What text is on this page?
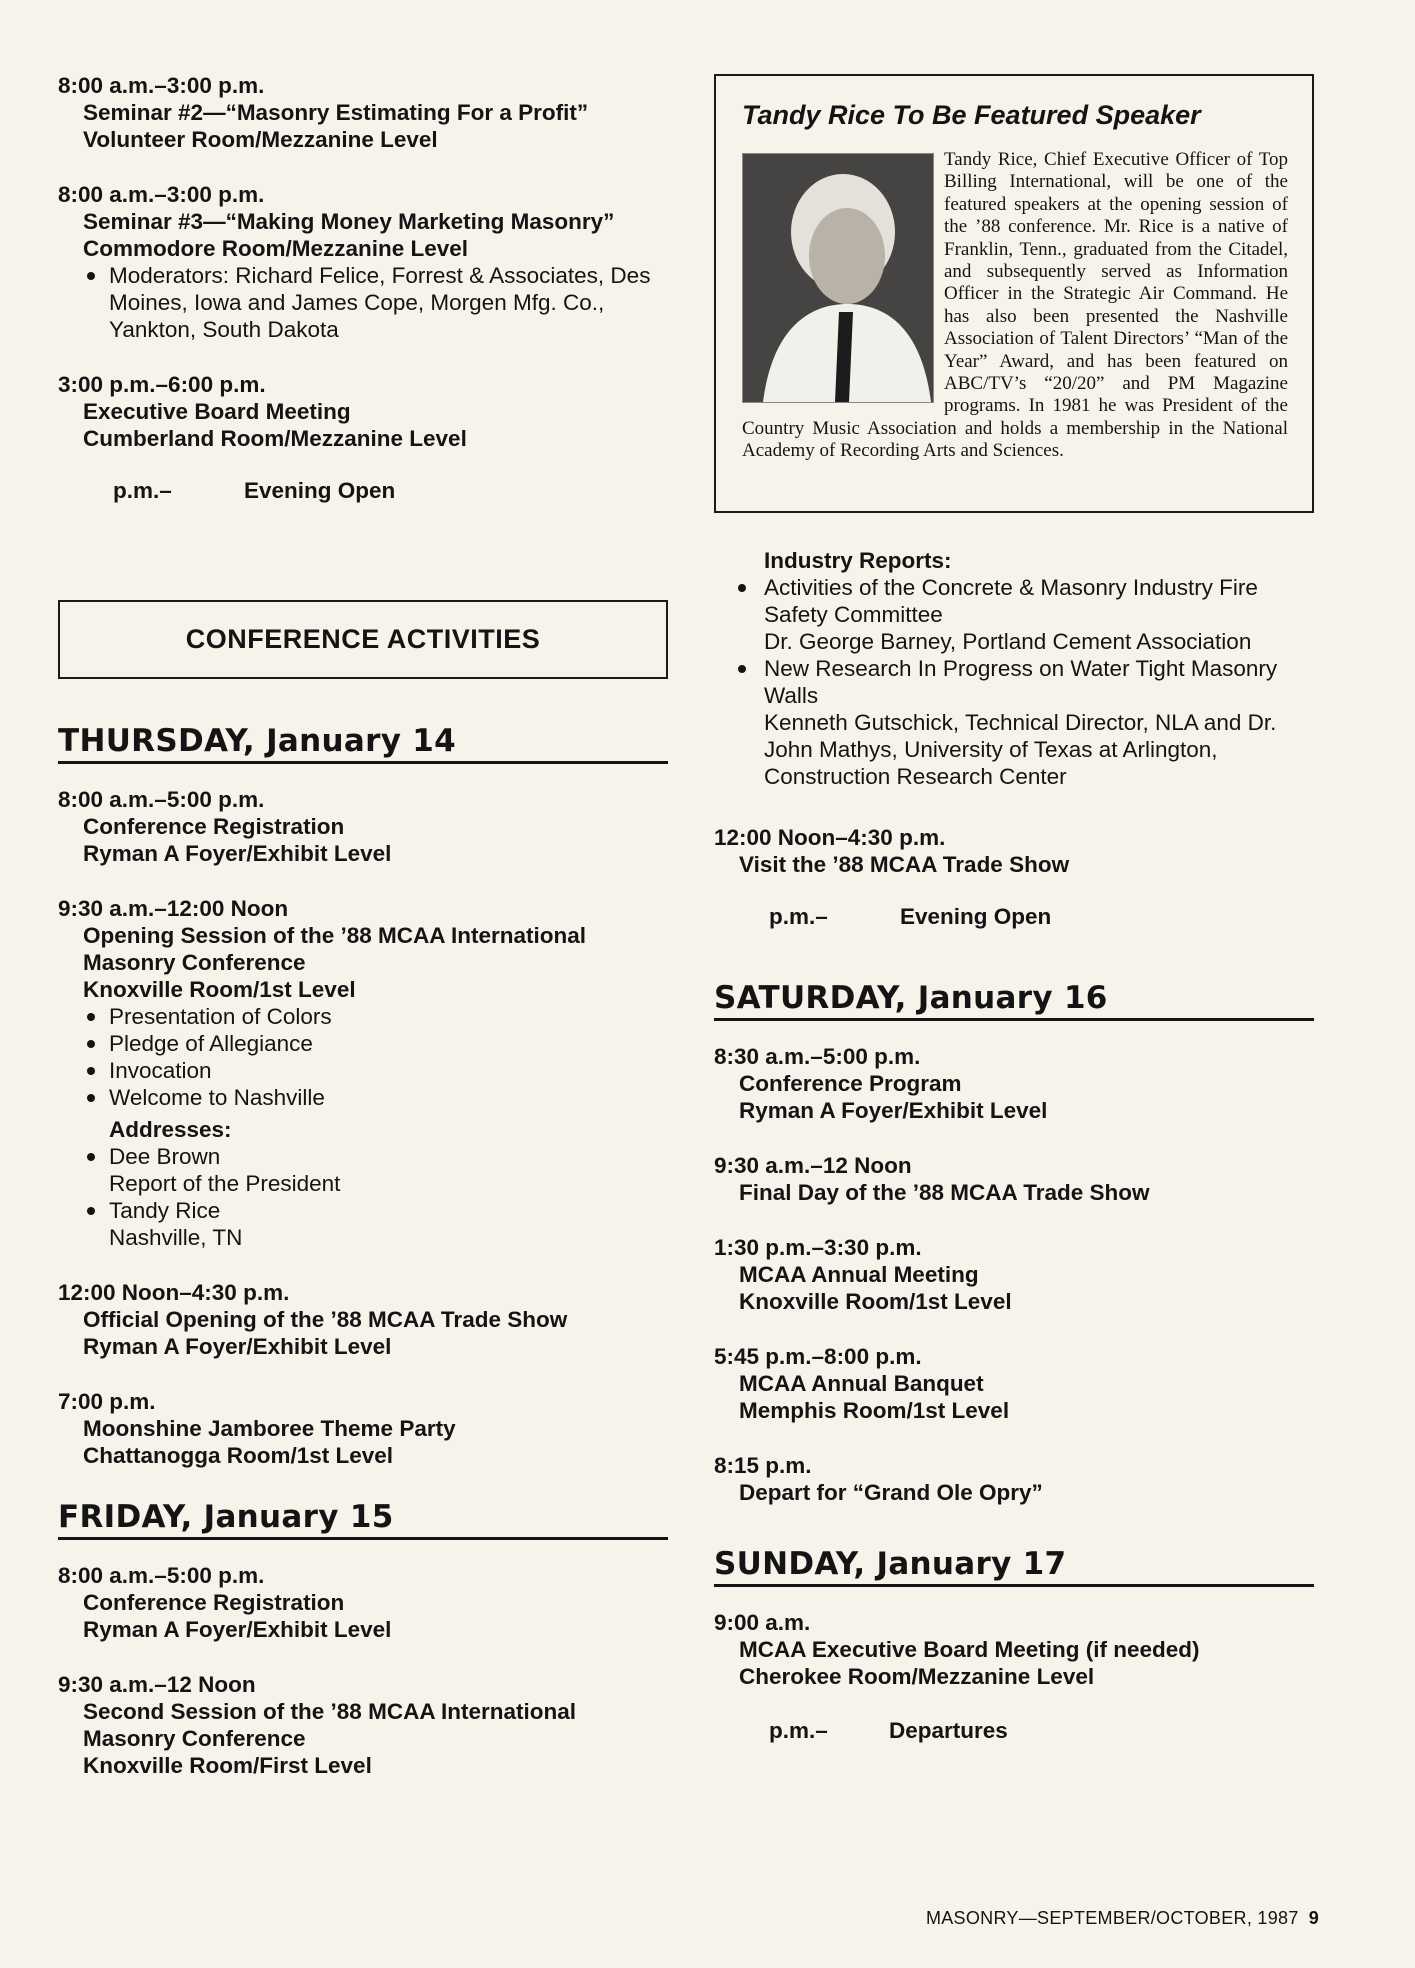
8:00 a.m.–3:00 p.m.
Seminar #2—“Masonry Estimating For a Profit”
Volunteer Room/Mezzanine Level
8:00 a.m.–3:00 p.m.
Seminar #3—“Making Money Marketing Masonry”
Commodore Room/Mezzanine Level
Moderators: Richard Felice, Forrest & Associates, Des Moines, Iowa and James Cope, Morgen Mfg. Co., Yankton, South Dakota
3:00 p.m.–6:00 p.m.
Executive Board Meeting
Cumberland Room/Mezzanine Level
p.m.–	Evening Open
CONFERENCE ACTIVITIES
THURSDAY, January 14
8:00 a.m.–5:00 p.m.
Conference Registration
Ryman A Foyer/Exhibit Level
9:30 a.m.–12:00 Noon
Opening Session of the ’88 MCAA International Masonry Conference
Knoxville Room/1st Level
Presentation of Colors
Pledge of Allegiance
Invocation
Welcome to Nashville
Addresses:
Dee Brown
Report of the President
Tandy Rice
Nashville, TN
12:00 Noon–4:30 p.m.
Official Opening of the ’88 MCAA Trade Show
Ryman A Foyer/Exhibit Level
7:00 p.m.
Moonshine Jamboree Theme Party
Chattanogga Room/1st Level
FRIDAY, January 15
8:00 a.m.–5:00 p.m.
Conference Registration
Ryman A Foyer/Exhibit Level
9:30 a.m.–12 Noon
Second Session of the ’88 MCAA International Masonry Conference
Knoxville Room/First Level
Tandy Rice To Be Featured Speaker
Tandy Rice, Chief Executive Officer of Top Billing International, will be one of the featured speakers at the opening session of the ’88 conference. Mr. Rice is a native of Franklin, Tenn., graduated from the Citadel, and subsequently served as Information Officer in the Strategic Air Command. He has also been presented the Nashville Association of Talent Directors’ “Man of the Year” Award, and has been featured on ABC/TV’s “20/20” and PM Magazine programs. In 1981 he was President of the Country Music Association and holds a membership in the National Academy of Recording Arts and Sciences.
Industry Reports:
Activities of the Concrete & Masonry Industry Fire Safety Committee
Dr. George Barney, Portland Cement Association
New Research In Progress on Water Tight Masonry Walls
Kenneth Gutschick, Technical Director, NLA and Dr. John Mathys, University of Texas at Arlington, Construction Research Center
12:00 Noon–4:30 p.m.
Visit the ’88 MCAA Trade Show
p.m.–	Evening Open
SATURDAY, January 16
8:30 a.m.–5:00 p.m.
Conference Program
Ryman A Foyer/Exhibit Level
9:30 a.m.–12 Noon
Final Day of the ’88 MCAA Trade Show
1:30 p.m.–3:30 p.m.
MCAA Annual Meeting
Knoxville Room/1st Level
5:45 p.m.–8:00 p.m.
MCAA Annual Banquet
Memphis Room/1st Level
8:15 p.m.
Depart for “Grand Ole Opry”
SUNDAY, January 17
9:00 a.m.
MCAA Executive Board Meeting (if needed)
Cherokee Room/Mezzanine Level
p.m.–	Departures
MASONRY—SEPTEMBER/OCTOBER, 1987 9
